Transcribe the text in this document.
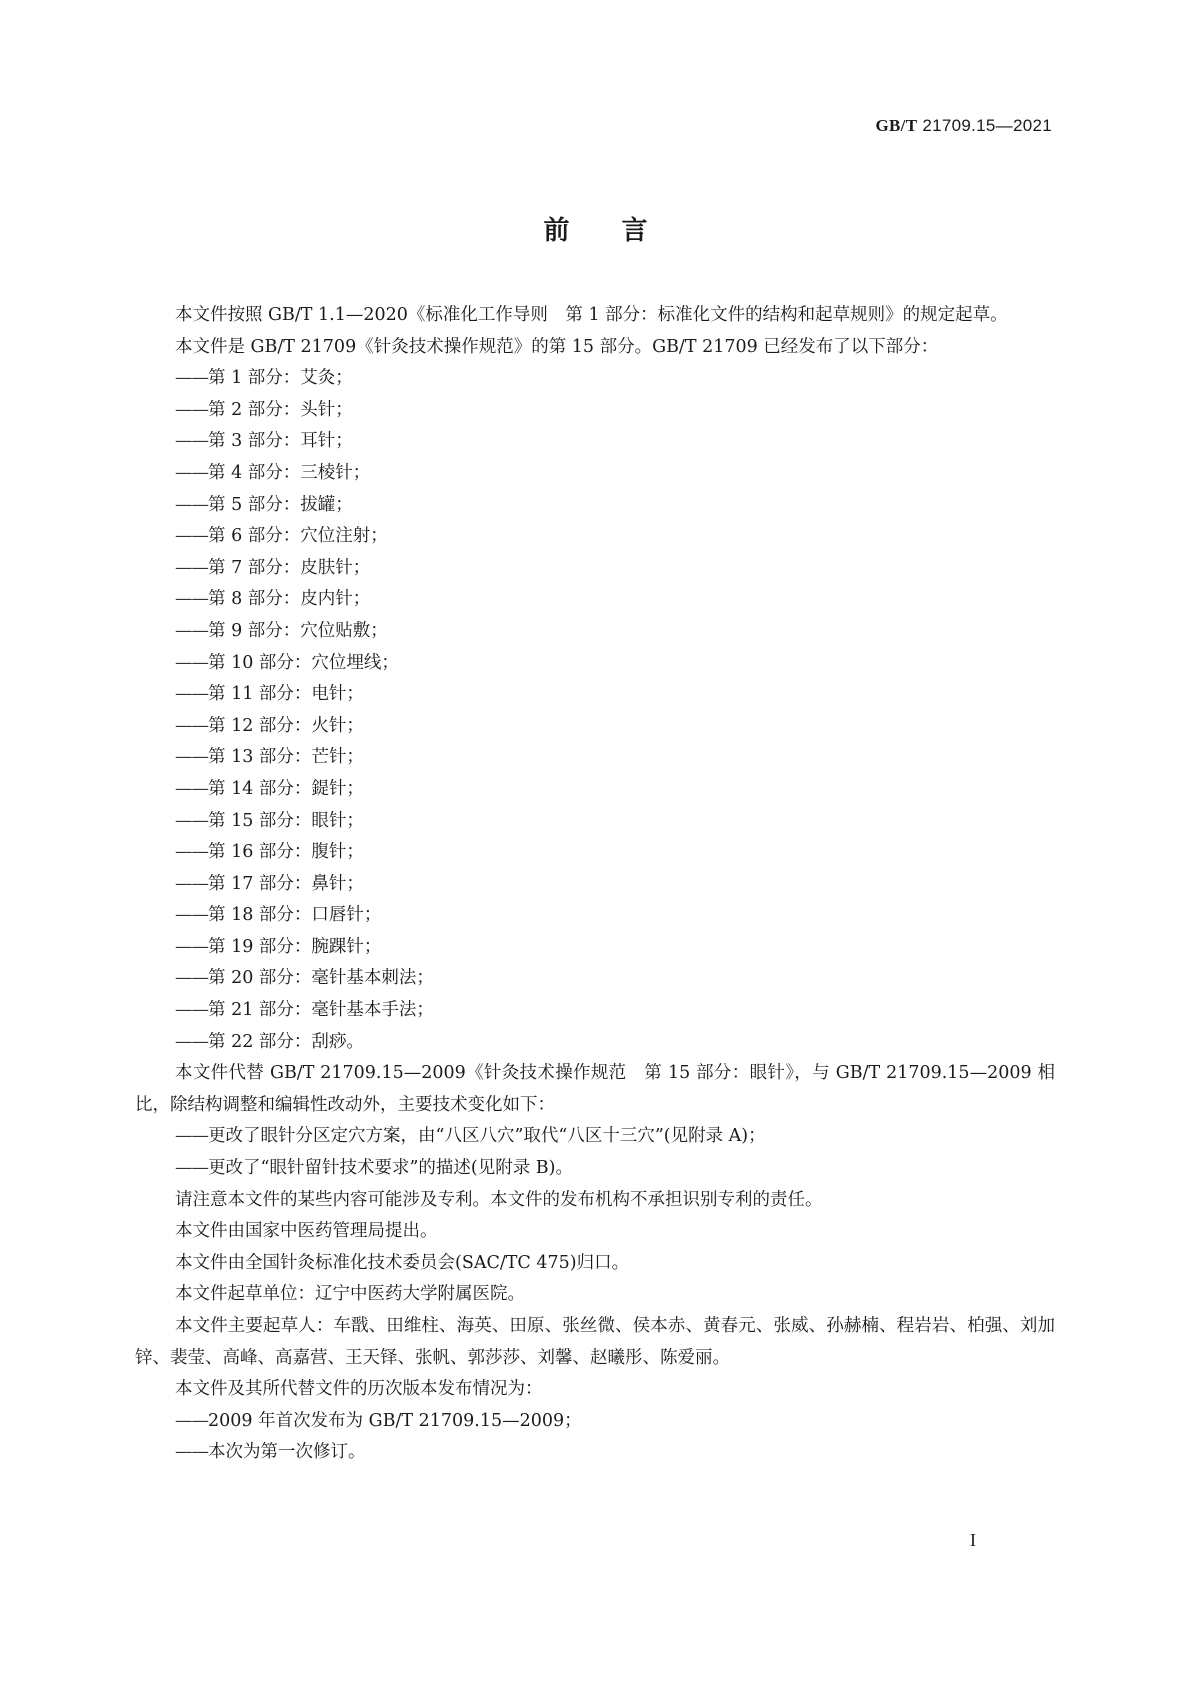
GB/T 21709.15—2021
前言

本文件按照 GB/T 1.1—2020《标准化工作导则　第 1 部分：标准化文件的结构和起草规则》的规定起草。

本文件是 GB/T 21709《针灸技术操作规范》的第 15 部分。GB/T 21709 已经发布了以下部分：

——第 1 部分：艾灸；

——第 2 部分：头针；

——第 3 部分：耳针；

——第 4 部分：三棱针；

——第 5 部分：拔罐；

——第 6 部分：穴位注射；

——第 7 部分：皮肤针；

——第 8 部分：皮内针；

——第 9 部分：穴位贴敷；

——第 10 部分：穴位埋线；

——第 11 部分：电针；

——第 12 部分：火针；

——第 13 部分：芒针；

——第 14 部分：鍉针；

——第 15 部分：眼针；

——第 16 部分：腹针；

——第 17 部分：鼻针；

——第 18 部分：口唇针；

——第 19 部分：腕踝针；

——第 20 部分：毫针基本刺法；

——第 21 部分：毫针基本手法；

——第 22 部分：刮痧。

本文件代替 GB/T 21709.15—2009《针灸技术操作规范　第 15 部分：眼针》，与 GB/T 21709.15—2009 相比，除结构调整和编辑性改动外，主要技术变化如下：

——更改了眼针分区定穴方案，由“八区八穴”取代“八区十三穴”(见附录 A)；

——更改了“眼针留针技术要求”的描述(见附录 B)。

请注意本文件的某些内容可能涉及专利。本文件的发布机构不承担识别专利的责任。

本文件由国家中医药管理局提出。

本文件由全国针灸标准化技术委员会(SAC/TC 475)归口。

本文件起草单位：辽宁中医药大学附属医院。

本文件主要起草人：车戬、田维柱、海英、田原、张丝微、侯本赤、黄春元、张威、孙赫楠、程岩岩、柏强、刘加锌、裴莹、高峰、高嘉营、王天铎、张帆、郭莎莎、刘馨、赵曦彤、陈爱丽。

本文件及其所代替文件的历次版本发布情况为：

——2009 年首次发布为 GB/T 21709.15—2009；

——本次为第一次修订。

I
